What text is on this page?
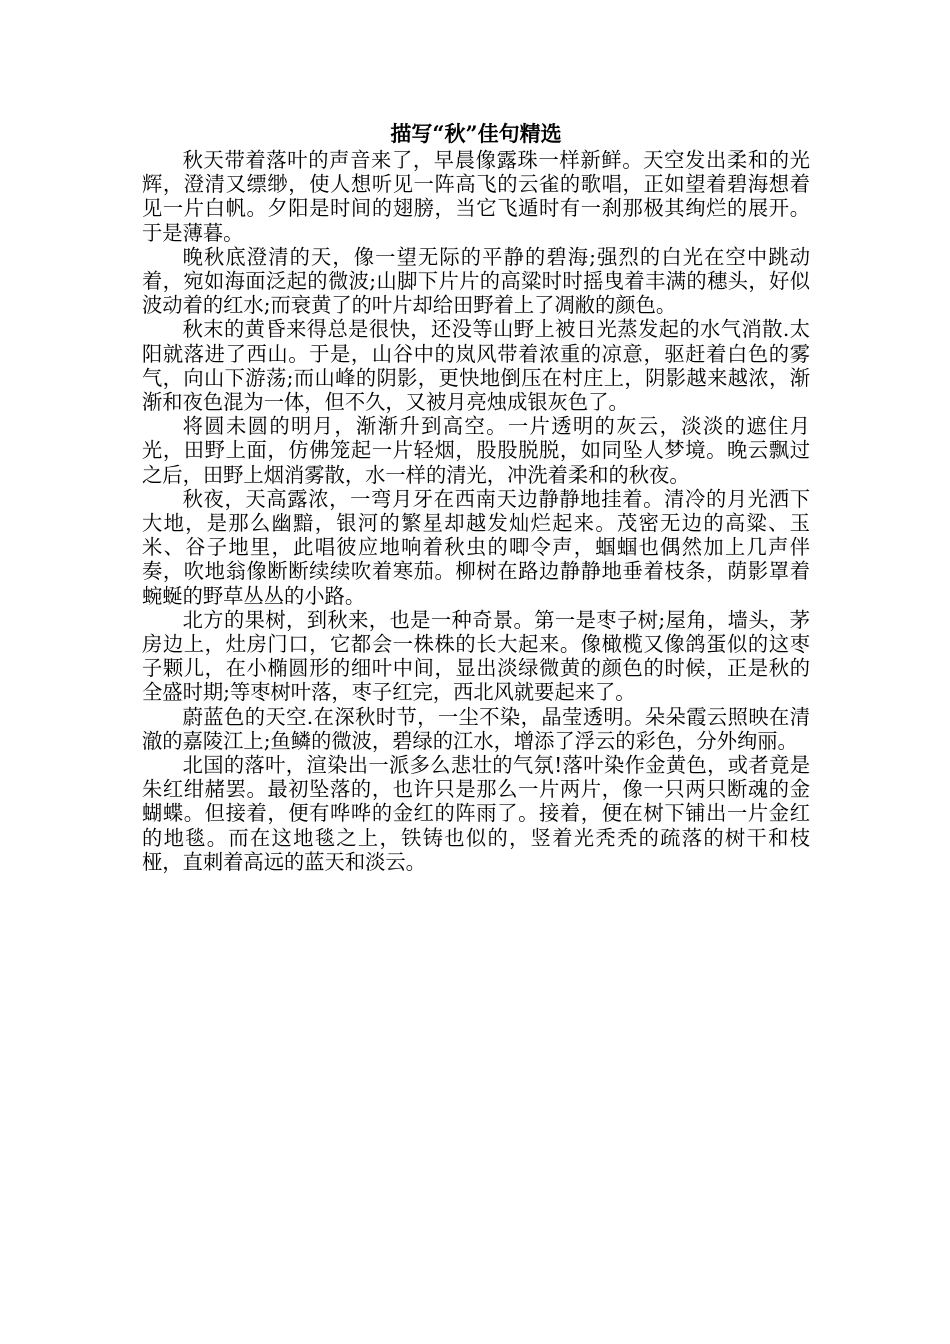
描写“秋”佳句精选

秋天带着落叶的声音来了，早晨像露珠一样新鲜。天空发出柔和的光辉，澄清又缥缈，使人想听见一阵高飞的云雀的歌唱，正如望着碧海想着见一片白帆。夕阳是时间的翅膀，当它飞遁时有一刹那极其绚烂的展开。于是薄暮。

晚秋底澄清的天，像一望无际的平静的碧海;强烈的白光在空中跳动着，宛如海面泛起的微波;山脚下片片的高粱时时摇曳着丰满的穗头，好似波动着的红水;而衰黄了的叶片却给田野着上了凋敝的颜色。

秋末的黄昏来得总是很快，还没等山野上被日光蒸发起的水气消散.太阳就落进了西山。于是，山谷中的岚风带着浓重的凉意，驱赶着白色的雾气，向山下游荡;而山峰的阴影，更快地倒压在村庄上，阴影越来越浓，渐渐和夜色混为一体，但不久，又被月亮烛成银灰色了。

将圆未圆的明月，渐渐升到高空。一片透明的灰云，淡淡的遮住月光，田野上面，仿佛笼起一片轻烟，股股脱脱，如同坠人梦境。晚云飘过之后，田野上烟消雾散，水一样的清光，冲洗着柔和的秋夜。

秋夜，天高露浓，一弯月牙在西南天边静静地挂着。清冷的月光洒下大地，是那么幽黯，银河的繁星却越发灿烂起来。茂密无边的高粱、玉米、谷子地里，此唱彼应地响着秋虫的唧令声，蝈蝈也偶然加上几声伴奏，吹地翁像断断续续吹着寒茄。柳树在路边静静地垂着枝条，荫影罩着蜿蜒的野草丛丛的小路。

北方的果树，到秋来，也是一种奇景。第一是枣子树;屋角，墙头，茅房边上，灶房门口，它都会一株株的长大起来。像橄榄又像鸽蛋似的这枣子颗儿，在小椭圆形的细叶中间，显出淡绿微黄的颜色的时候，正是秋的全盛时期;等枣树叶落，枣子红完，西北风就要起来了。

蔚蓝色的天空.在深秋时节，一尘不染，晶莹透明。朵朵霞云照映在清澈的嘉陵江上;鱼鳞的微波，碧绿的江水，增添了浮云的彩色，分外绚丽。

北国的落叶，渲染出一派多么悲壮的气氛!落叶染作金黄色，或者竟是朱红绀赭罢。最初坠落的，也许只是那么一片两片，像一只两只断魂的金蝴蝶。但接着，便有哗哗的金红的阵雨了。接着，便在树下铺出一片金红的地毯。而在这地毯之上，铁铸也似的，竖着光秃秃的疏落的树干和枝桠，直刺着高远的蓝天和淡云。
